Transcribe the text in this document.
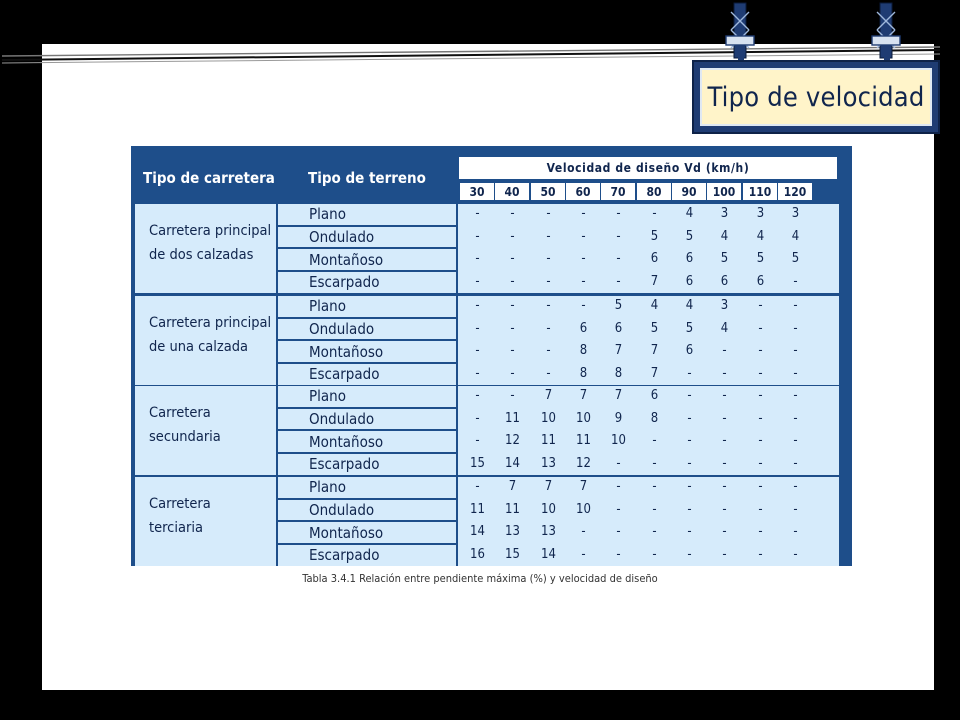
Tipo de velocidad
Tipo de carretera Tipo de terreno
Velocidad de diseño Vd (km/h)
30	40	50	60	70	80	90	100	110	120
Carretera principal
de dos calzadas
Plano	-	-	-	-	-	-	4	3	3	3
Ondulado	-	-	-	-	-	5	5	4	4	4
Montañoso	-	-	-	-	-	6	6	5	5	5
Escarpado	-	-	-	-	-	7	6	6	6	-
Carretera principal
de una calzada
Plano	-	-	-	-	5	4	4	3	-	-
Ondulado	-	-	-	6	6	5	5	4	-	-
Montañoso	-	-	-	8	7	7	6	-	-	-
Escarpado	-	-	-	8	8	7	-	-	-	-
Carretera
secundaria
Plano	-	-	7	7	7	6	-	-	-	-
Ondulado	-	11	10	10	9	8	-	-	-	-
Montañoso	-	12	11	11	10	-	-	-	-	-
Escarpado	15	14	13	12	-	-	-	-	-	-
Carretera
terciaria
Plano	-	7	7	7	-	-	-	-	-	-
Ondulado	11	11	10	10	-	-	-	-	-	-
Montañoso	14	13	13	-	-	-	-	-	-	-
Escarpado	16	15	14	-	-	-	-	-	-	-
Tabla 3.4.1 Relación entre pendiente máxima (%) y velocidad de diseño
